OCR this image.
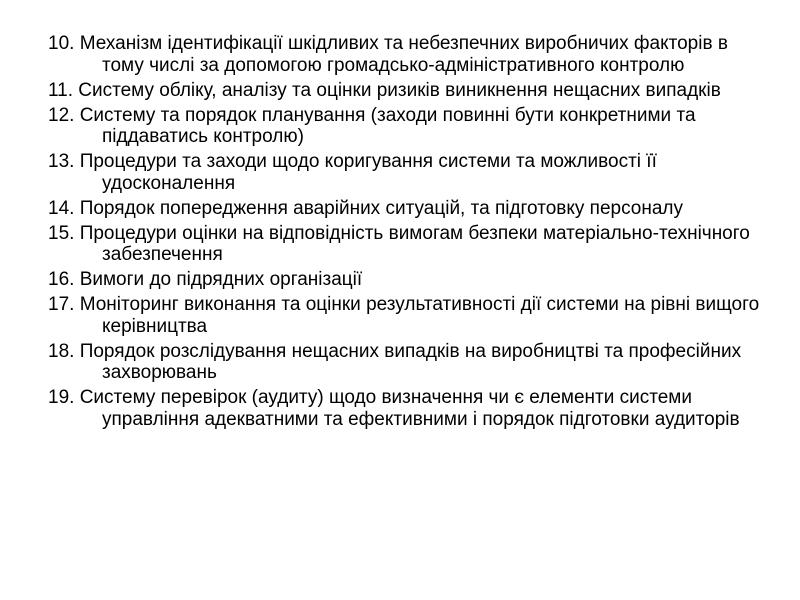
10. Механізм ідентифікації шкідливих та небезпечних виробничих факторів в тому числі за допомогою громадсько-адміністративного контролю
11. Систему обліку, аналізу та оцінки ризиків виникнення нещасних випадків
12. Систему та порядок планування (заходи повинні бути конкретними та піддаватись контролю)
13. Процедури та заходи щодо коригування системи та можливості її удосконалення
14. Порядок попередження аварійних ситуацій, та підготовку персоналу
15. Процедури оцінки на відповідність вимогам безпеки матеріально-технічного забезпечення
16. Вимоги до підрядних організації
17. Моніторинг виконання та оцінки результативності дії системи на рівні вищого керівництва
18. Порядок розслідування нещасних випадків на виробництві та професійних захворювань
19. Систему перевірок (аудиту) щодо визначення чи є елементи системи управління адекватними та ефективними і порядок підготовки аудиторів
